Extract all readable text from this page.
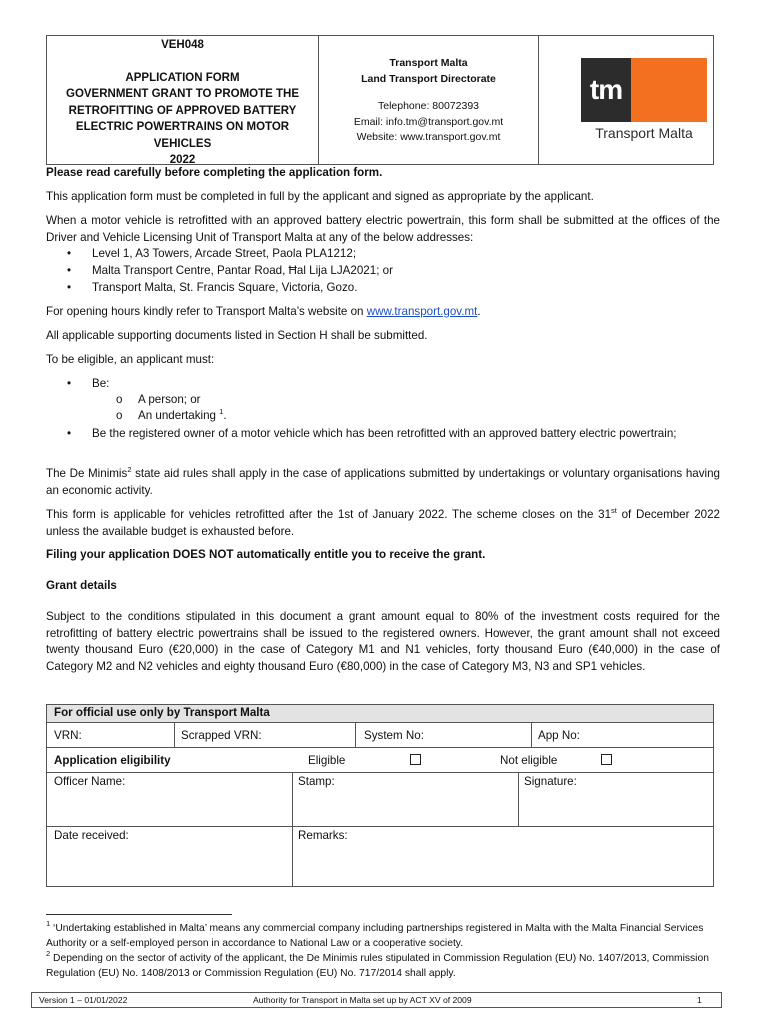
VEH048
APPLICATION FORM
GOVERNMENT GRANT TO PROMOTE THE
RETROFITTING OF APPROVED BATTERY
ELECTRIC POWERTRAINS ON MOTOR
VEHICLES
2022
Transport Malta
Land Transport Directorate
Telephone: 80072393
Email: info.tm@transport.gov.mt
Website: www.transport.gov.mt
tm
Transport Malta

Please read carefully before completing the application form.

This application form must be completed in full by the applicant and signed as appropriate by the applicant.

When a motor vehicle is retrofitted with an approved battery electric powertrain, this form shall be submitted at the offices of the Driver and Vehicle Licensing Unit of Transport Malta at any of the below addresses:

• Level 1, A3 Towers, Arcade Street, Paola PLA1212;
• Malta Transport Centre, Pantar Road, Ħal Lija LJA2021; or
• Transport Malta, St. Francis Square, Victoria, Gozo.

For opening hours kindly refer to Transport Malta’s website on www.transport.gov.mt.

All applicable supporting documents listed in Section H shall be submitted.

To be eligible, an applicant must:

• Be:
o A person; or
o An undertaking $^1$.
• Be the registered owner of a motor vehicle which has been retrofitted with an approved battery electric powertrain;

The De Minimis$^2$ state aid rules shall apply in the case of applications submitted by undertakings or voluntary organisations having an economic activity.

This form is applicable for vehicles retrofitted after the 1st of January 2022. The scheme closes on the 31st of December 2022 unless the available budget is exhausted before.

Filing your application DOES NOT automatically entitle you to receive the grant.

Grant details

Subject to the conditions stipulated in this document a grant amount equal to 80% of the investment costs required for the retrofitting of battery electric powertrains shall be issued to the registered owners. However, the grant amount shall not exceed twenty thousand Euro (€20,000) in the case of Category M1 and N1 vehicles, forty thousand Euro (€40,000) in the case of Category M2 and N2 vehicles and eighty thousand Euro (€80,000) in the case of Category M3, N3 and SP1 vehicles.

For official use only by Transport Malta
VRN:	Scrapped VRN:	System No:	App No:
Application eligibility	Eligible	Not eligible
Officer Name:	Stamp:	Signature:
Date received:	Remarks:
$^1$ ‘Undertaking established in Malta’ means any commercial company including partnerships registered in Malta with the Malta Financial Services Authority or a self-employed person in accordance to National Law or a cooperative society.
$^2$ Depending on the sector of activity of the applicant, the De Minimis rules stipulated in Commission Regulation (EU) No. 1407/2013, Commission Regulation (EU) No. 1408/2013 or Commission Regulation (EU) No. 717/2014 shall apply.
Version 1 – 01/01/2022	Authority for Transport in Malta set up by ACT XV of 2009	1
